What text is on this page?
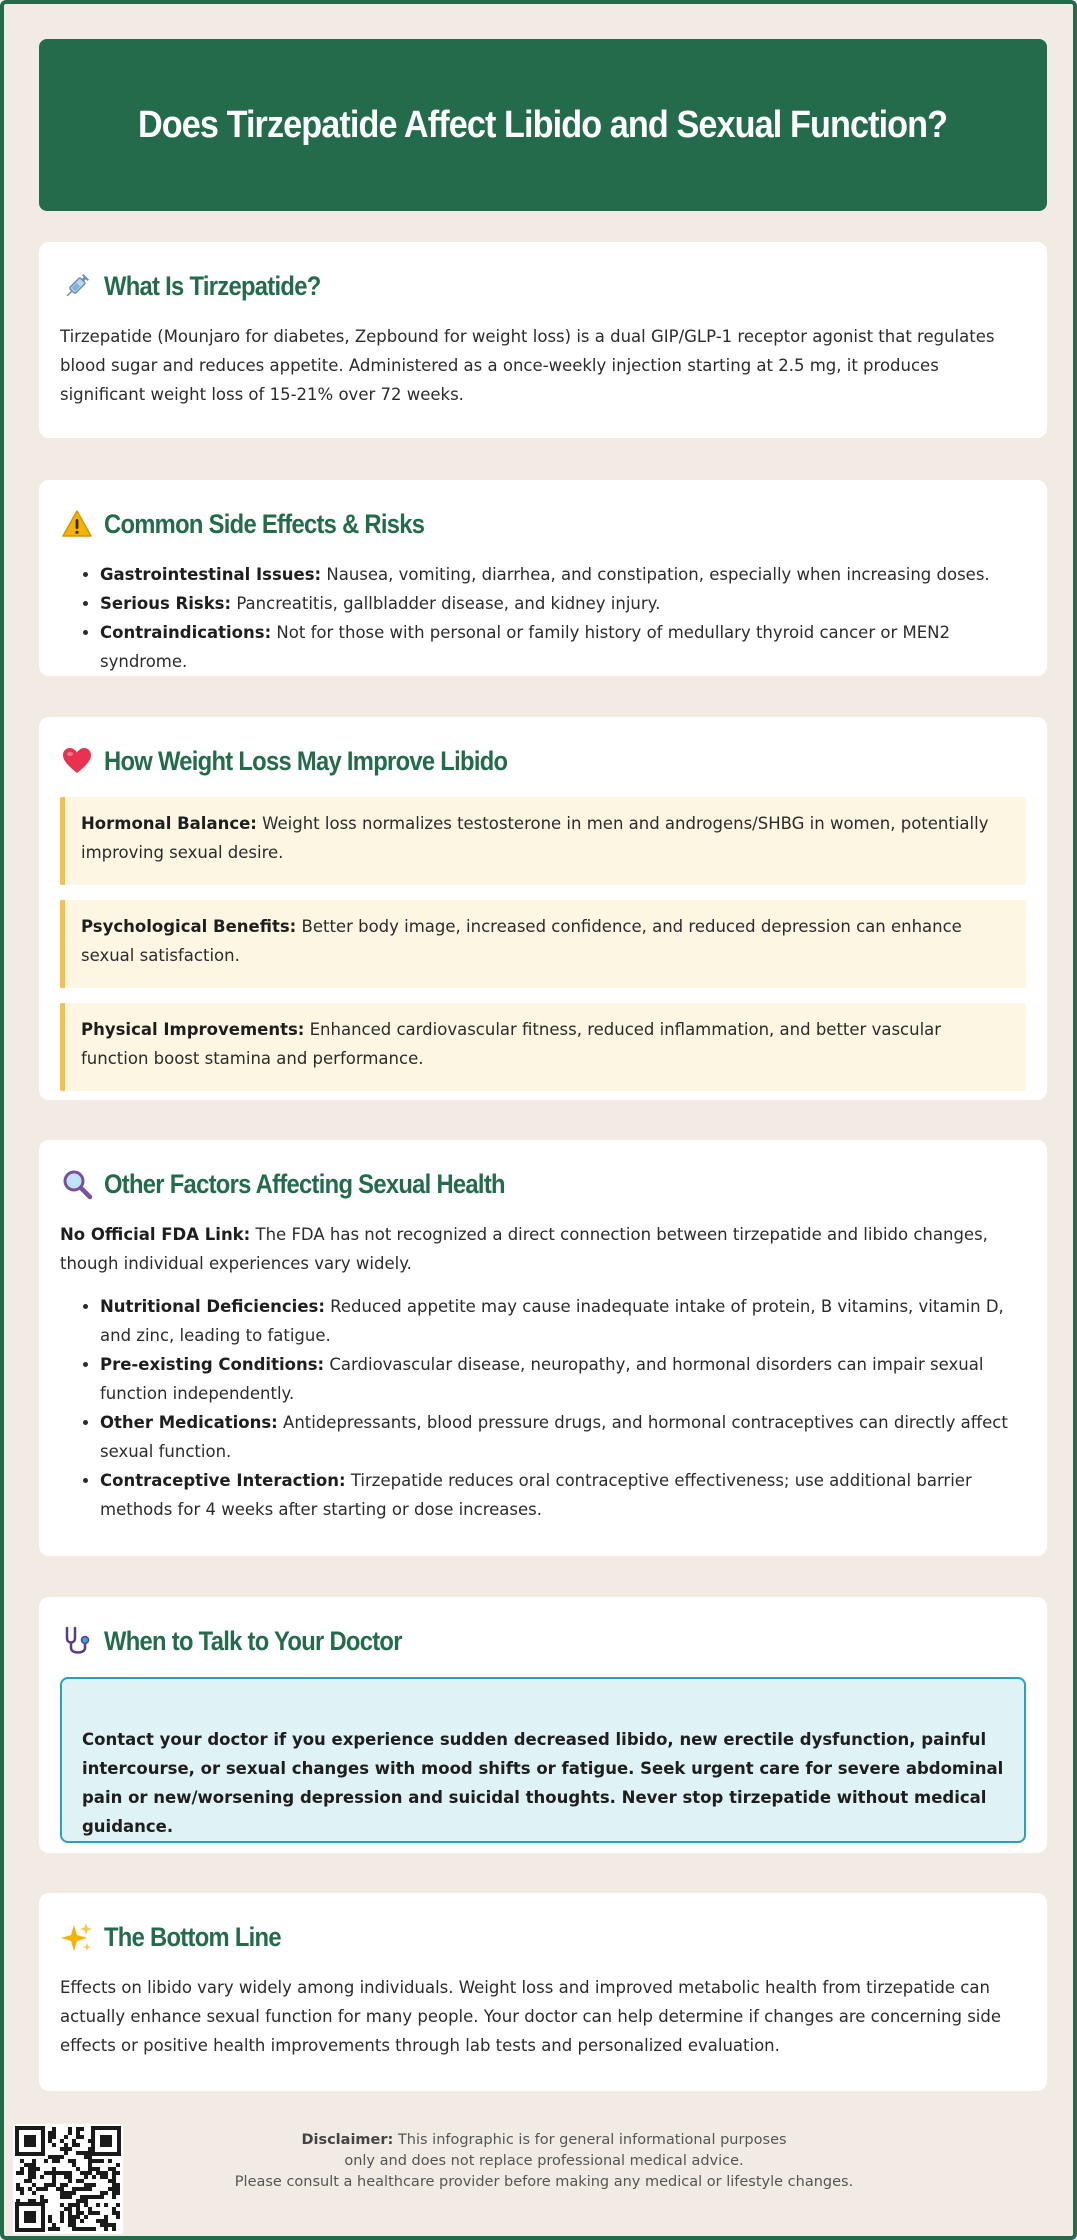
Does Tirzepatide Affect Libido and Sexual Function?
What Is Tirzepatide?

Tirzepatide (Mounjaro for diabetes, Zepbound for weight loss) is a dual GIP/GLP-1 receptor agonist that regulates blood sugar and reduces appetite. Administered as a once-weekly injection starting at 2.5 mg, it produces significant weight loss of 15-21% over 72 weeks.

Common Side Effects & Risks
• Gastrointestinal Issues: Nausea, vomiting, diarrhea, and constipation, especially when increasing doses.
• Serious Risks: Pancreatitis, gallbladder disease, and kidney injury.
• Contraindications: Not for those with personal or family history of medullary thyroid cancer or MEN2 syndrome.
How Weight Loss May Improve Libido

Hormonal Balance: Weight loss normalizes testosterone in men and androgens/SHBG in women, potentially improving sexual desire.

Psychological Benefits: Better body image, increased confidence, and reduced depression can enhance sexual satisfaction.

Physical Improvements: Enhanced cardiovascular fitness, reduced inflammation, and better vascular function boost stamina and performance.

Other Factors Affecting Sexual Health

No Official FDA Link: The FDA has not recognized a direct connection between tirzepatide and libido changes, though individual experiences vary widely.

• Nutritional Deficiencies: Reduced appetite may cause inadequate intake of protein, B vitamins, vitamin D, and zinc, leading to fatigue.
• Pre-existing Conditions: Cardiovascular disease, neuropathy, and hormonal disorders can impair sexual function independently.
• Other Medications: Antidepressants, blood pressure drugs, and hormonal contraceptives can directly affect sexual function.
• Contraceptive Interaction: Tirzepatide reduces oral contraceptive effectiveness; use additional barrier methods for 4 weeks after starting or dose increases.
When to Talk to Your Doctor

Contact your doctor if you experience sudden decreased libido, new erectile dysfunction, painful intercourse, or sexual changes with mood shifts or fatigue. Seek urgent care for severe abdominal pain or new/worsening depression and suicidal thoughts. Never stop tirzepatide without medical guidance.

The Bottom Line

Effects on libido vary widely among individuals. Weight loss and improved metabolic health from tirzepatide can actually enhance sexual function for many people. Your doctor can help determine if changes are concerning side effects or positive health improvements through lab tests and personalized evaluation.

Disclaimer: This infographic is for general informational purposes
only and does not replace professional medical advice.
Please consult a healthcare provider before making any medical or lifestyle changes.
